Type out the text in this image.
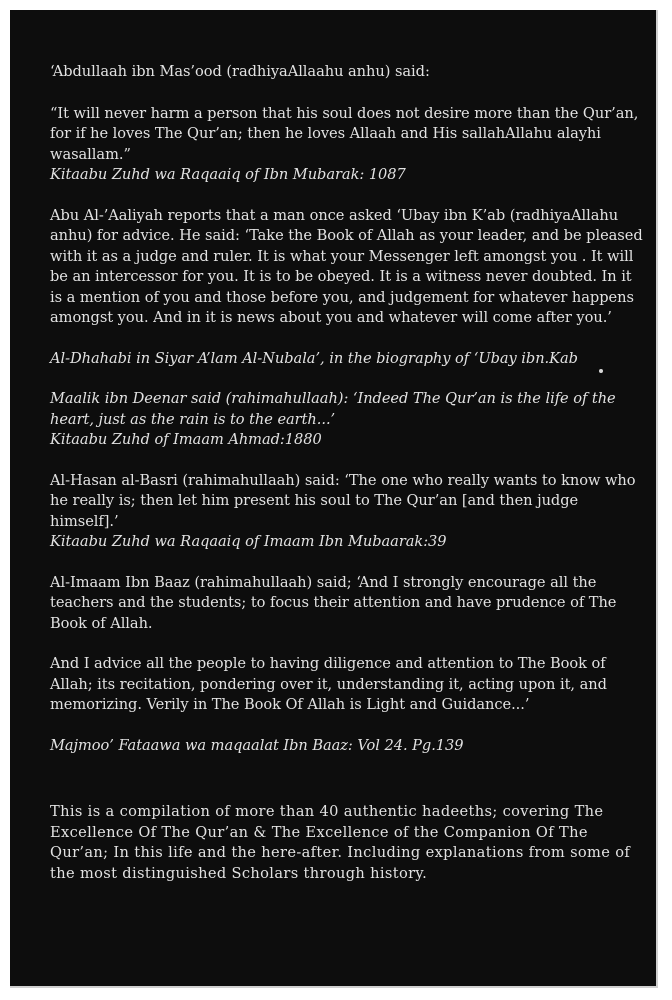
‘Abdullaah ibn Mas’ood (radhiyaAllaahu anhu) said:

“It will never harm a person that his soul does not desire more than the Qur’an, for if he loves The Qur’an; then he loves Allaah and His sallahAllahu alayhi wasallam.”

Kitaabu Zuhd wa Raqaaiq of Ibn Mubarak: 1087

Abu Al-’Aaliyah reports that a man once asked ‘Ubay ibn K’ab (radhiyaAllahu anhu) for advice. He said: ‘Take the Book of Allah as your leader, and be pleased with it as a judge and ruler. It is what your Messenger left amongst you . It will be an intercessor for you. It is to be obeyed. It is a witness never doubted. In it is a mention of you and those before you, and judgement for whatever happens amongst you. And in it is news about you and whatever will come after you.’

Al-Dhahabi in Siyar A’lam Al-Nubala’, in the biography of ‘Ubay ibn.Kab

Maalik ibn Deenar said (rahimahullaah): ‘Indeed The Qur’an is the life of the heart, just as the rain is to the earth...’

Kitaabu Zuhd of Imaam Ahmad:1880

Al-Hasan al-Basri (rahimahullaah) said: ‘The one who really wants to know who he really is; then let him present his soul to The Qur’an [and then judge himself].’

Kitaabu Zuhd wa Raqaaiq of Imaam Ibn Mubaarak:39

Al-Imaam Ibn Baaz (rahimahullaah) said; ‘And I strongly encourage all the teachers and the students; to focus their attention and have prudence of The Book of Allah.

And I advice all the people to having diligence and attention to The Book of Allah; its recitation, pondering over it, understanding it, acting upon it, and memorizing. Verily in The Book Of Allah is Light and Guidance...’

Majmoo’ Fataawa wa maqaalat Ibn Baaz: Vol 24. Pg.139

This is a compilation of more than 40 authentic hadeeths; covering The Excellence Of The Qur’an & The Excellence of the Companion Of The Qur’an; In this life and the here-after. Including explanations from some of the most distinguished Scholars through history.
